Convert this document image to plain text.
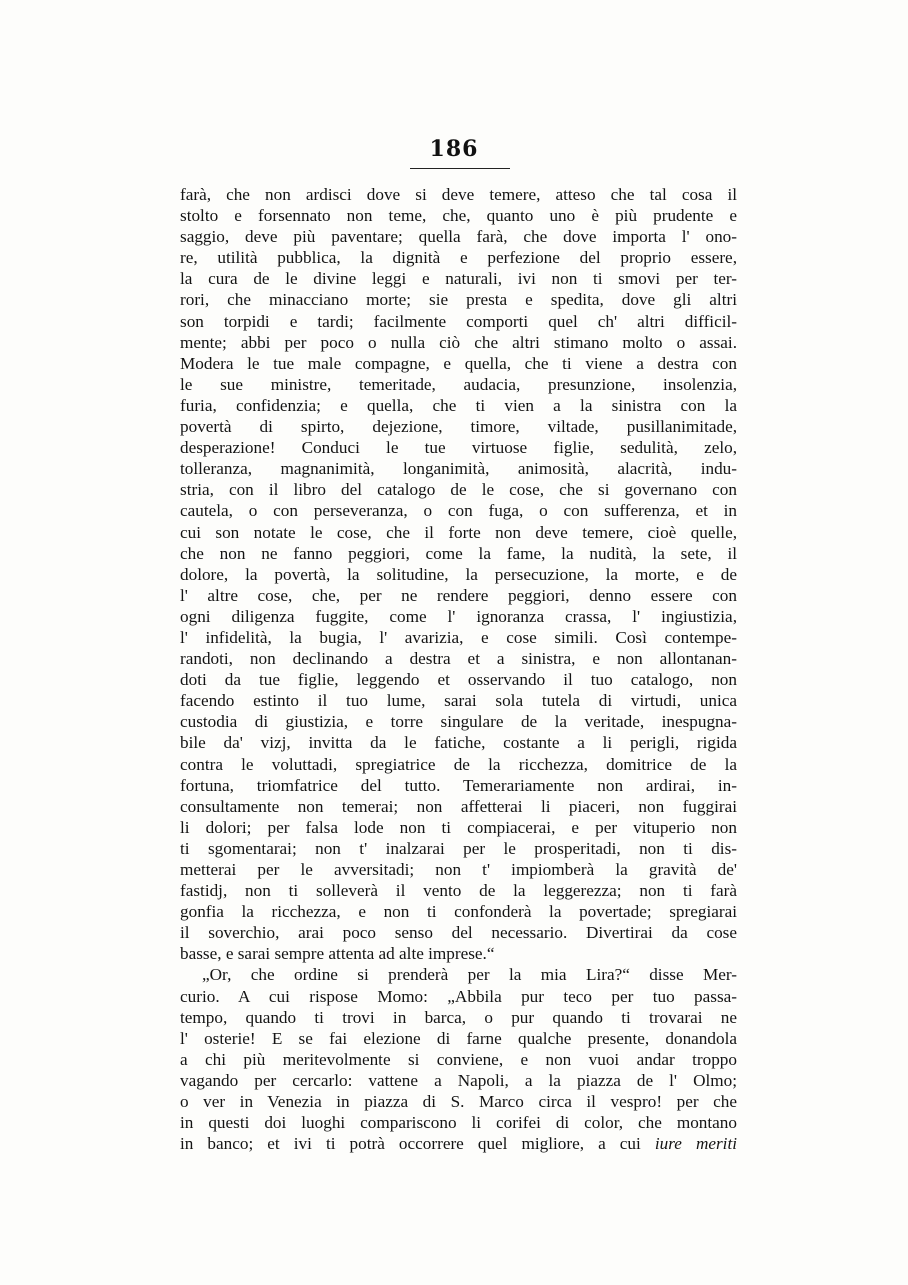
186
farà, che non ardisci dove si deve temere, atteso che tal cosa il
stolto e forsennato non teme, che, quanto uno è più prudente e
saggio, deve più paventare; quella farà, che dove importa l' ono-
re, utilità pubblica, la dignità e perfezione del proprio essere,
la cura de le divine leggi e naturali, ivi non ti smovi per ter-
rori, che minacciano morte; sie presta e spedita, dove gli altri
son torpidi e tardi; facilmente comporti quel ch' altri difficil-
mente; abbi per poco o nulla ciò che altri stimano molto o assai.
Modera le tue male compagne, e quella, che ti viene a destra con
le sue ministre, temeritade, audacia, presunzione, insolenzia,
furia, confidenzia; e quella, che ti vien a la sinistra con la
povertà di spirto, dejezione, timore, viltade, pusillanimitade,
desperazione! Conduci le tue virtuose figlie, sedulità, zelo,
tolleranza, magnanimità, longanimità, animosità, alacrità, indu-
stria, con il libro del catalogo de le cose, che si governano con
cautela, o con perseveranza, o con fuga, o con sufferenza, et in
cui son notate le cose, che il forte non deve temere, cioè quelle,
che non ne fanno peggiori, come la fame, la nudità, la sete, il
dolore, la povertà, la solitudine, la persecuzione, la morte, e de
l' altre cose, che, per ne rendere peggiori, denno essere con
ogni diligenza fuggite, come l' ignoranza crassa, l' ingiustizia,
l' infidelità, la bugia, l' avarizia, e cose simili. Così contempe-
randoti, non declinando a destra et a sinistra, e non allontanan-
doti da tue figlie, leggendo et osservando il tuo catalogo, non
facendo estinto il tuo lume, sarai sola tutela di virtudi, unica
custodia di giustizia, e torre singulare de la veritade, inespugna-
bile da' vizj, invitta da le fatiche, costante a li perigli, rigida
contra le voluttadi, spregiatrice de la ricchezza, domitrice de la
fortuna, triomfatrice del tutto. Temerariamente non ardirai, in-
consultamente non temerai; non affetterai li piaceri, non fuggirai
li dolori; per falsa lode non ti compiacerai, e per vituperio non
ti sgomentarai; non t' inalzarai per le prosperitadi, non ti dis-
metterai per le avversitadi; non t' impiomberà la gravità de'
fastidj, non ti solleverà il vento de la leggerezza; non ti farà
gonfia la ricchezza, e non ti confonderà la povertade; spregiarai
il soverchio, arai poco senso del necessario. Divertirai da cose
basse, e sarai sempre attenta ad alte imprese.“
„Or, che ordine si prenderà per la mia Lira?“ disse Mer-
curio. A cui rispose Momo: „Abbila pur teco per tuo passa-
tempo, quando ti trovi in barca, o pur quando ti trovarai ne
l' osterie! E se fai elezione di farne qualche presente, donandola
a chi più meritevolmente si conviene, e non vuoi andar troppo
vagando per cercarlo: vattene a Napoli, a la piazza de l' Olmo;
o ver in Venezia in piazza di S. Marco circa il vespro! per che
in questi doi luoghi compariscono li corifei di color, che montano
in banco; et ivi ti potrà occorrere quel migliore, a cui iure meriti
